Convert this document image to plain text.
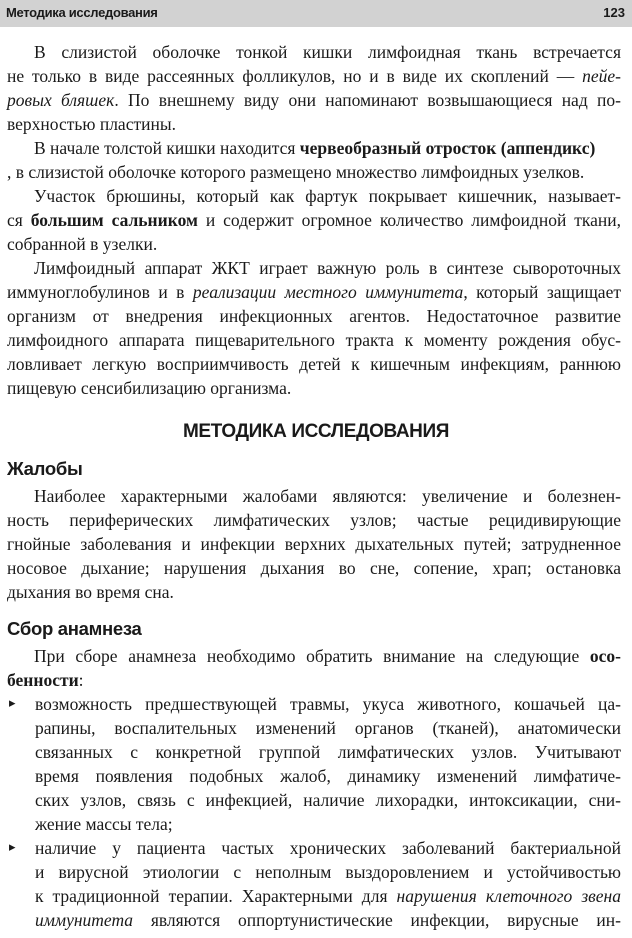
Методика исследования	123
В слизистой оболочке тонкой кишки лимфоидная ткань встречается
не только в виде рассеянных фолликулов, но и в виде их скоплений — пейе-
ровых бляшек. По внешнему виду они напоминают возвышающиеся над по-
верхностью пластины.
В начале толстой кишки находится червеобразный отросток (аппендикс)
, в слизистой оболочке которого размещено множество лимфоидных узелков.
Участок брюшины, который как фартук покрывает кишечник, называет-
ся большим сальником и содержит огромное количество лимфоидной ткани,
собранной в узелки.
Лимфоидный аппарат ЖКТ играет важную роль в синтезе сывороточных
иммуноглобулинов и в реализации местного иммунитета, который защищает
организм от внедрения инфекционных агентов. Недостаточное развитие
лимфоидного аппарата пищеварительного тракта к моменту рождения обус-
ловливает легкую восприимчивость детей к кишечным инфекциям, раннюю
пищевую сенсибилизацию организма.
МЕТОДИКА ИССЛЕДОВАНИЯ
Жалобы
Наиболее характерными жалобами являются: увеличение и болезнен-
ность периферических лимфатических узлов; частые рецидивирующие
гнойные заболевания и инфекции верхних дыхательных путей; затрудненное
носовое дыхание; нарушения дыхания во сне, сопение, храп; остановка
дыхания во время сна.
Сбор анамнеза
При сборе анамнеза необходимо обратить внимание на следующие осо-
бенности:
▸	возможность предшествующей травмы, укуса животного, кошачьей ца-
рапины, воспалительных изменений органов (тканей), анатомически
связанных с конкретной группой лимфатических узлов. Учитывают
время появления подобных жалоб, динамику изменений лимфатиче-
ских узлов, связь с инфекцией, наличие лихорадки, интоксикации, сни-
жение массы тела;
▸	наличие у пациента частых хронических заболеваний бактериальной
и вирусной этиологии с неполным выздоровлением и устойчивостью
к традиционной терапии. Характерными для нарушения клеточного звена
иммунитета являются оппортунистические инфекции, вирусные ин-
